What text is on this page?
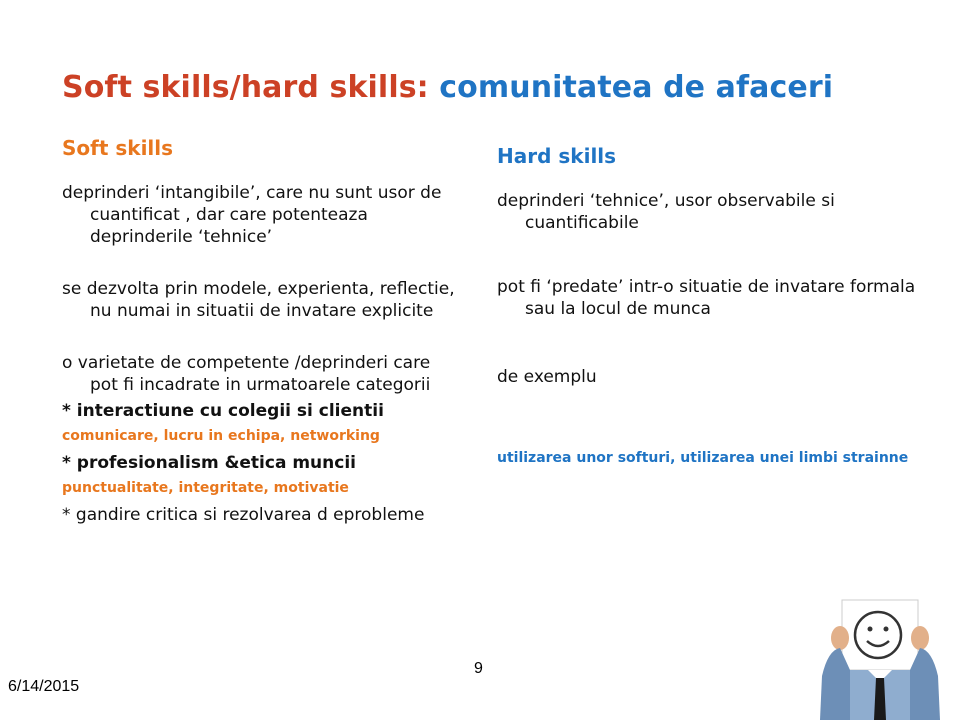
Soft skills/hard skills: comunitatea de afaceri
Soft skills
deprinderi ‘intangibile’, care nu sunt usor de cuantificat , dar care potenteaza deprinderile ‘tehnice’
se dezvolta prin modele, experienta, reflectie, nu numai in situatii de invatare explicite
o varietate de competente /deprinderi care pot fi incadrate in urmatoarele categorii
* interactiune cu colegii si clientii
comunicare, lucru in echipa, networking
* profesionalism &etica muncii
punctualitate, integritate, motivatie
* gandire critica si rezolvarea d eprobleme
Hard skills
deprinderi ‘tehnice’, usor observabile si cuantificabile
pot fi ‘predate’ intr-o situatie de invatare formala sau la locul de munca
de exemplu
utilizarea unor softuri, utilizarea unei limbi strainne
9
6/14/2015
